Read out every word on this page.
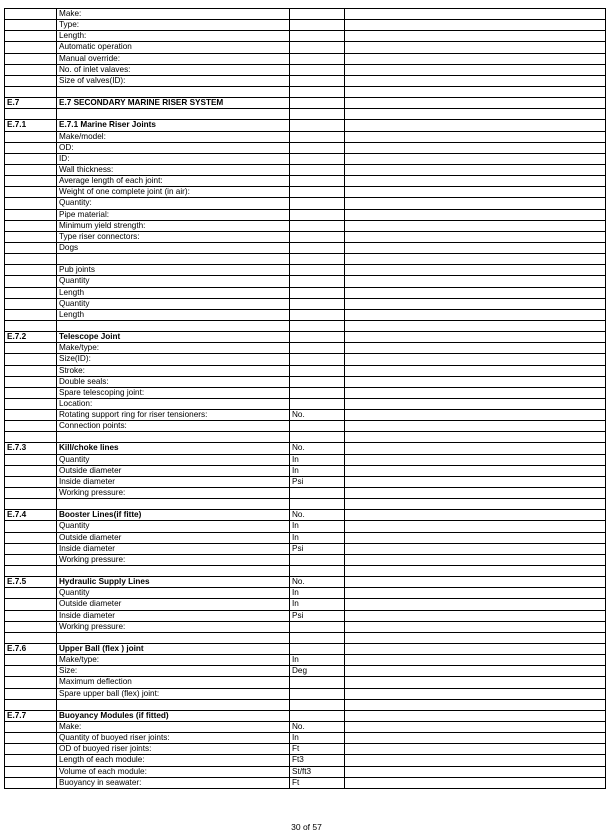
	Make:		
	Type:		
	Length:		
	Automatic operation		
	Manual override:		
	No. of inlet valaves:		
	Size of valves(ID):		

E.7	E.7 SECONDARY MARINE RISER SYSTEM		

E.7.1	E.7.1 Marine Riser Joints		
	Make/model:		
	OD:		
	ID:		
	Wall thickness:		
	Average length of each joint:		
	Weight of one complete joint (in air):		
	Quantity:		
	Pipe material:		
	Minimum yield strength:		
	Type riser connectors:		
	Dogs		

	Pub joints		
	Quantity		
	Length		
	Quantity		
	Length		

E.7.2	Telescope Joint		
	Make/type:		
	Size(ID):		
	Stroke:		
	Double seals:		
	Spare telescoping joint:		
	Location:		
	Rotating support ring for riser tensioners:	No.	
	Connection points:		

E.7.3	Kill/choke lines	No.	
	Quantity	In	
	Outside diameter	In	
	Inside diameter	Psi	
	Working pressure:		

E.7.4	Booster Lines(if fitte)	No.	
	Quantity	In	
	Outside diameter	In	
	Inside diameter	Psi	
	Working pressure:		

E.7.5	Hydraulic Supply Lines	No.	
	Quantity	In	
	Outside diameter	In	
	Inside diameter	Psi	
	Working pressure:		

E.7.6	Upper Ball (flex ) joint		
	Make/type:	In	
	Size:	Deg	
	Maximum deflection		
	Spare upper ball (flex) joint:		

E.7.7	Buoyancy Modules (if fitted)		
	Make:	No.	
	Quantity of buoyed riser joints:	In	
	OD of buoyed riser joints:	Ft	
	Length of each module:	Ft3	
	Volume of each module:	St/ft3	
	Buoyancy in seawater:	Ft	
30 of 57
